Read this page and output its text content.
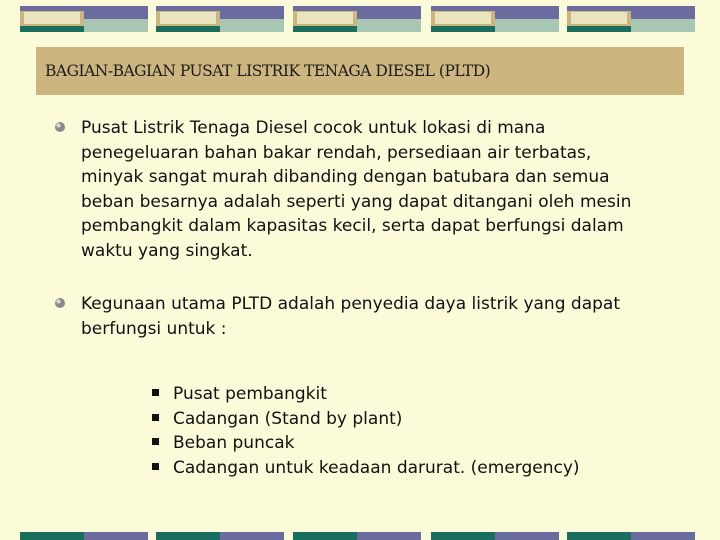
BAGIAN-BAGIAN PUSAT LISTRIK TENAGA DIESEL (PLTD)

Pusat Listrik Tenaga Diesel cocok untuk lokasi di mana
penegeluaran bahan bakar rendah, persediaan air terbatas,
minyak sangat murah dibanding dengan batubara dan semua
beban besarnya adalah seperti yang dapat ditangani oleh mesin
pembangkit dalam kapasitas kecil, serta dapat berfungsi dalam
waktu yang singkat.

Kegunaan utama PLTD adalah penyedia daya listrik yang dapat
berfungsi untuk :

Pusat pembangkit
Cadangan (Stand by plant)
Beban puncak
Cadangan untuk keadaan darurat. (emergency)
